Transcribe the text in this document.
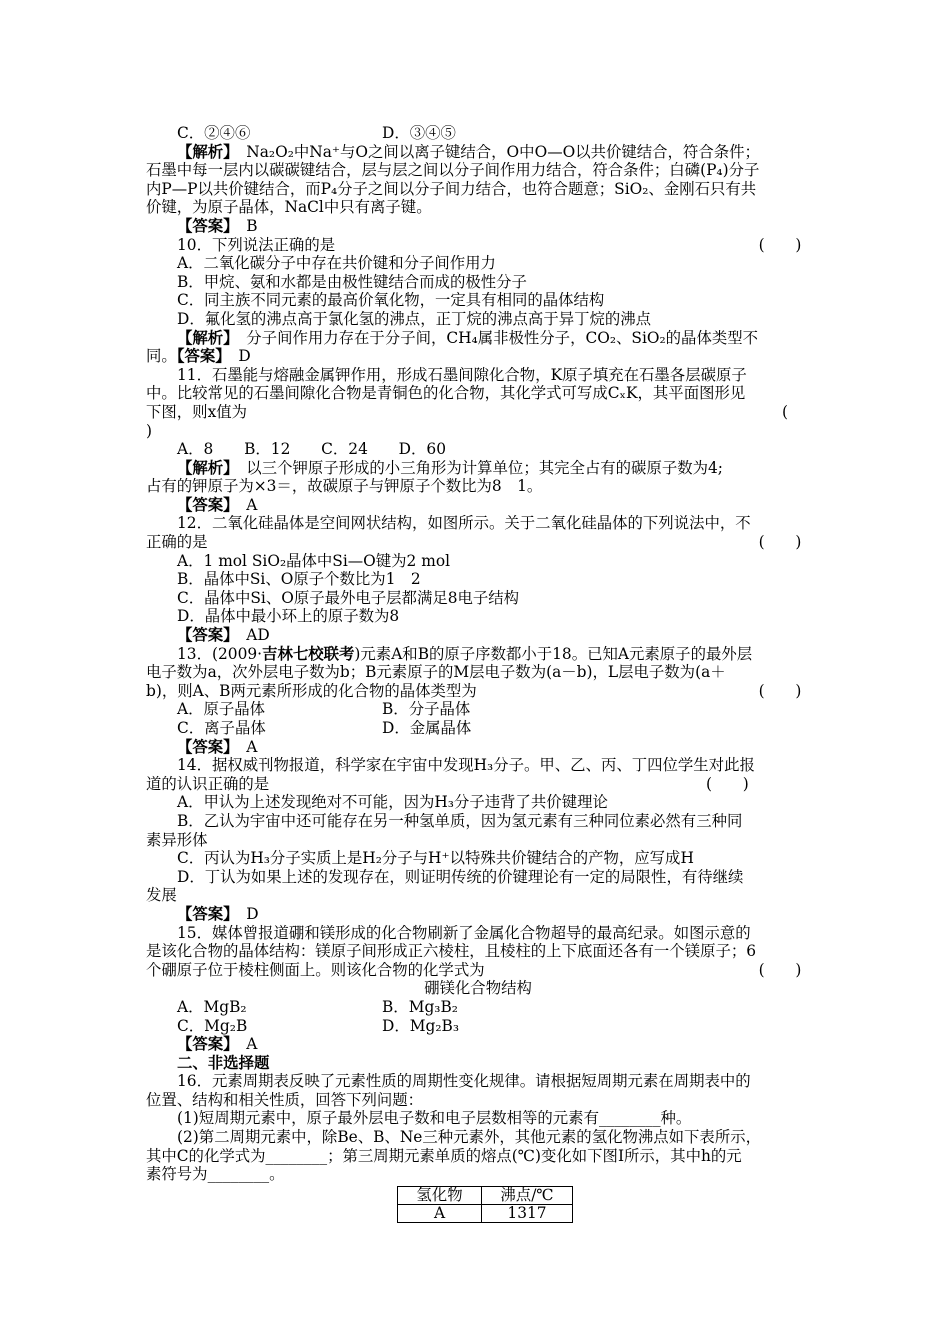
C．②④⑥	D．③④⑤
【解析】　 Na₂O₂中Na⁺与O之间以离子键结合，O中O—O以共价键结合，符合条件；
石墨中每一层内以碳碳键结合，层与层之间以分子间作用力结合，符合条件；白磷(P₄)分子
内P—P以共价键结合，而P₄分子之间以分子间力结合，也符合题意；SiO₂、金刚石只有共
价键，为原子晶体，NaCl中只有离子键。
【答案】　 B
10．下列说法正确的是	(　　)
A．二氧化碳分子中存在共价键和分子间作用力
B．甲烷、氨和水都是由极性键结合而成的极性分子
C．同主族不同元素的最高价氧化物，一定具有相同的晶体结构
D．氟化氢的沸点高于氯化氢的沸点，正丁烷的沸点高于异丁烷的沸点
【解析】　 分子间作用力存在于分子间，CH₄属非极性分子，CO₂、SiO₂的晶体类型不
同。【答案】　 D
11．石墨能与熔融金属钾作用，形成石墨间隙化合物，K原子填充在石墨各层碳原子
中。比较常见的石墨间隙化合物是青铜色的化合物，其化学式可写成CₓK，其平面图形见
下图，则x值为	(
)
A．8　　B．12　　C．24　　D．60
【解析】　 以三个钾原子形成的小三角形为计算单位；其完全占有的碳原子数为4;
占有的钾原子为×3＝，故碳原子与钾原子个数比为8　1。
【答案】　 A
12．二氧化硅晶体是空间网状结构，如图所示。关于二氧化硅晶体的下列说法中，不
正确的是	(　　)
A．1 mol SiO₂晶体中Si—O键为2 mol
B．晶体中Si、O原子个数比为1　2
C．晶体中Si、O原子最外电子层都满足8电子结构
D．晶体中最小环上的原子数为8
【答案】　 AD
13．(2009·吉林七校联考)元素A和B的原子序数都小于18。已知A元素原子的最外层
电子数为a，次外层电子数为b；B元素原子的M层电子数为(a－b)，L层电子数为(a＋
b)，则A、B两元素所形成的化合物的晶体类型为	(　　)
A．原子晶体	B．分子晶体
C．离子晶体	D．金属晶体
【答案】　 A
14．据权威刊物报道，科学家在宇宙中发现H₃分子。甲、乙、丙、丁四位学生对此报
道的认识正确的是	(　　)
A．甲认为上述发现绝对不可能，因为H₃分子违背了共价键理论
B．乙认为宇宙中还可能存在另一种氢单质，因为氢元素有三种同位素必然有三种同
素异形体
C．丙认为H₃分子实质上是H₂分子与H⁺以特殊共价键结合的产物，应写成H
D．丁认为如果上述的发现存在，则证明传统的价键理论有一定的局限性，有待继续
发展
【答案】　 D
15．媒体曾报道硼和镁形成的化合物刷新了金属化合物超导的最高纪录。如图示意的
是该化合物的晶体结构：镁原子间形成正六棱柱，且棱柱的上下底面还各有一个镁原子；6
个硼原子位于棱柱侧面上。则该化合物的化学式为	(　　)
硼镁化合物结构
A．MgB₂	B．Mg₃B₂
C．Mg₂B	D．Mg₂B₃
【答案】　 A
二、非选择题
16．元素周期表反映了元素性质的周期性变化规律。请根据短周期元素在周期表中的
位置、结构和相关性质，回答下列问题：
(1)短周期元素中，原子最外层电子数和电子层数相等的元素有________种。
(2)第二周期元素中，除Be、B、Ne三种元素外，其他元素的氢化物沸点如下表所示，
其中C的化学式为________；第三周期元素单质的熔点(℃)变化如下图Ⅰ所示，其中h的元
素符号为________。
氢化物	沸点/℃
A	1317
